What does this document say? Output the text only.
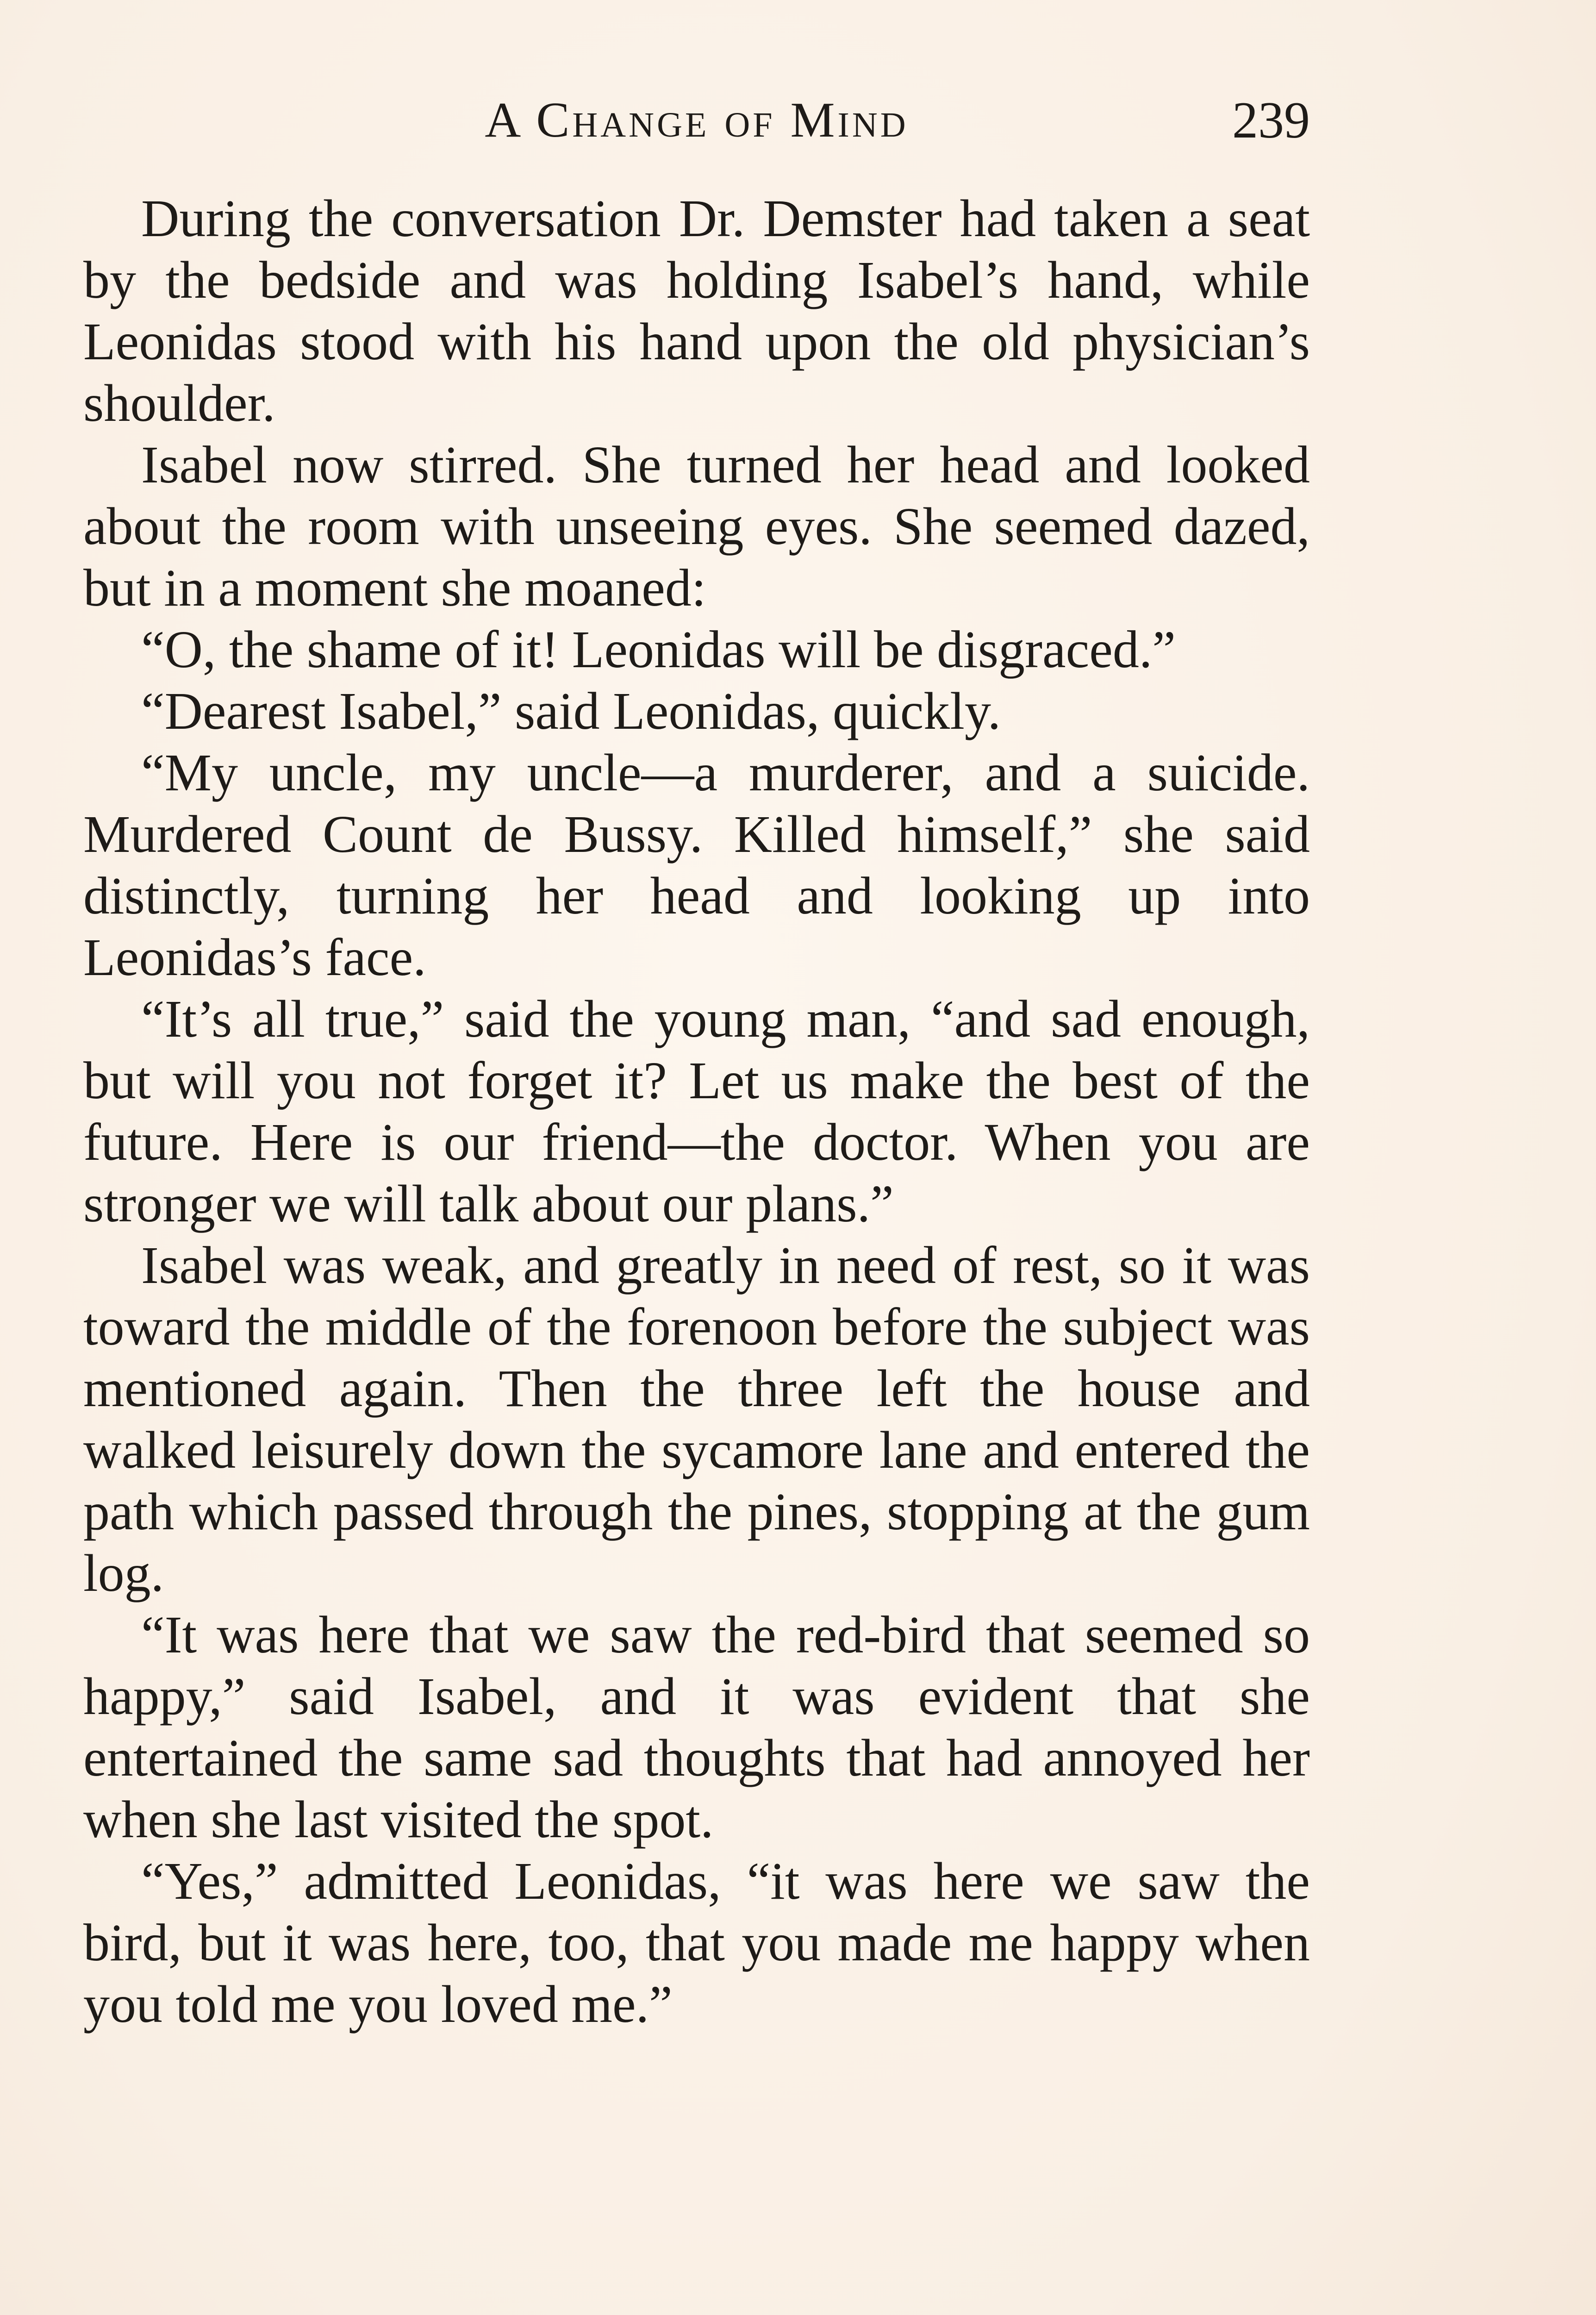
A Change of Mind	239

During the conversation Dr. Demster had taken a seat by the bedside and was holding Isabel’s hand, while Leonidas stood with his hand upon the old physician’s shoulder.

Isabel now stirred. She turned her head and looked about the room with unseeing eyes. She seemed dazed, but in a moment she moaned:

“O, the shame of it! Leonidas will be disgraced.”

“Dearest Isabel,” said Leonidas, quickly.

“My uncle, my uncle—a murderer, and a suicide. Murdered Count de Bussy. Killed himself,” she said distinctly, turning her head and looking up into Leonidas’s face.

“It’s all true,” said the young man, “and sad enough, but will you not forget it? Let us make the best of the future. Here is our friend—the doctor. When you are stronger we will talk about our plans.”

Isabel was weak, and greatly in need of rest, so it was toward the middle of the forenoon before the subject was mentioned again. Then the three left the house and walked leisurely down the sycamore lane and entered the path which passed through the pines, stopping at the gum log.

“It was here that we saw the red-bird that seemed so happy,” said Isabel, and it was evident that she entertained the same sad thoughts that had annoyed her when she last visited the spot.

“Yes,” admitted Leonidas, “it was here we saw the bird, but it was here, too, that you made me happy when you told me you loved me.”
